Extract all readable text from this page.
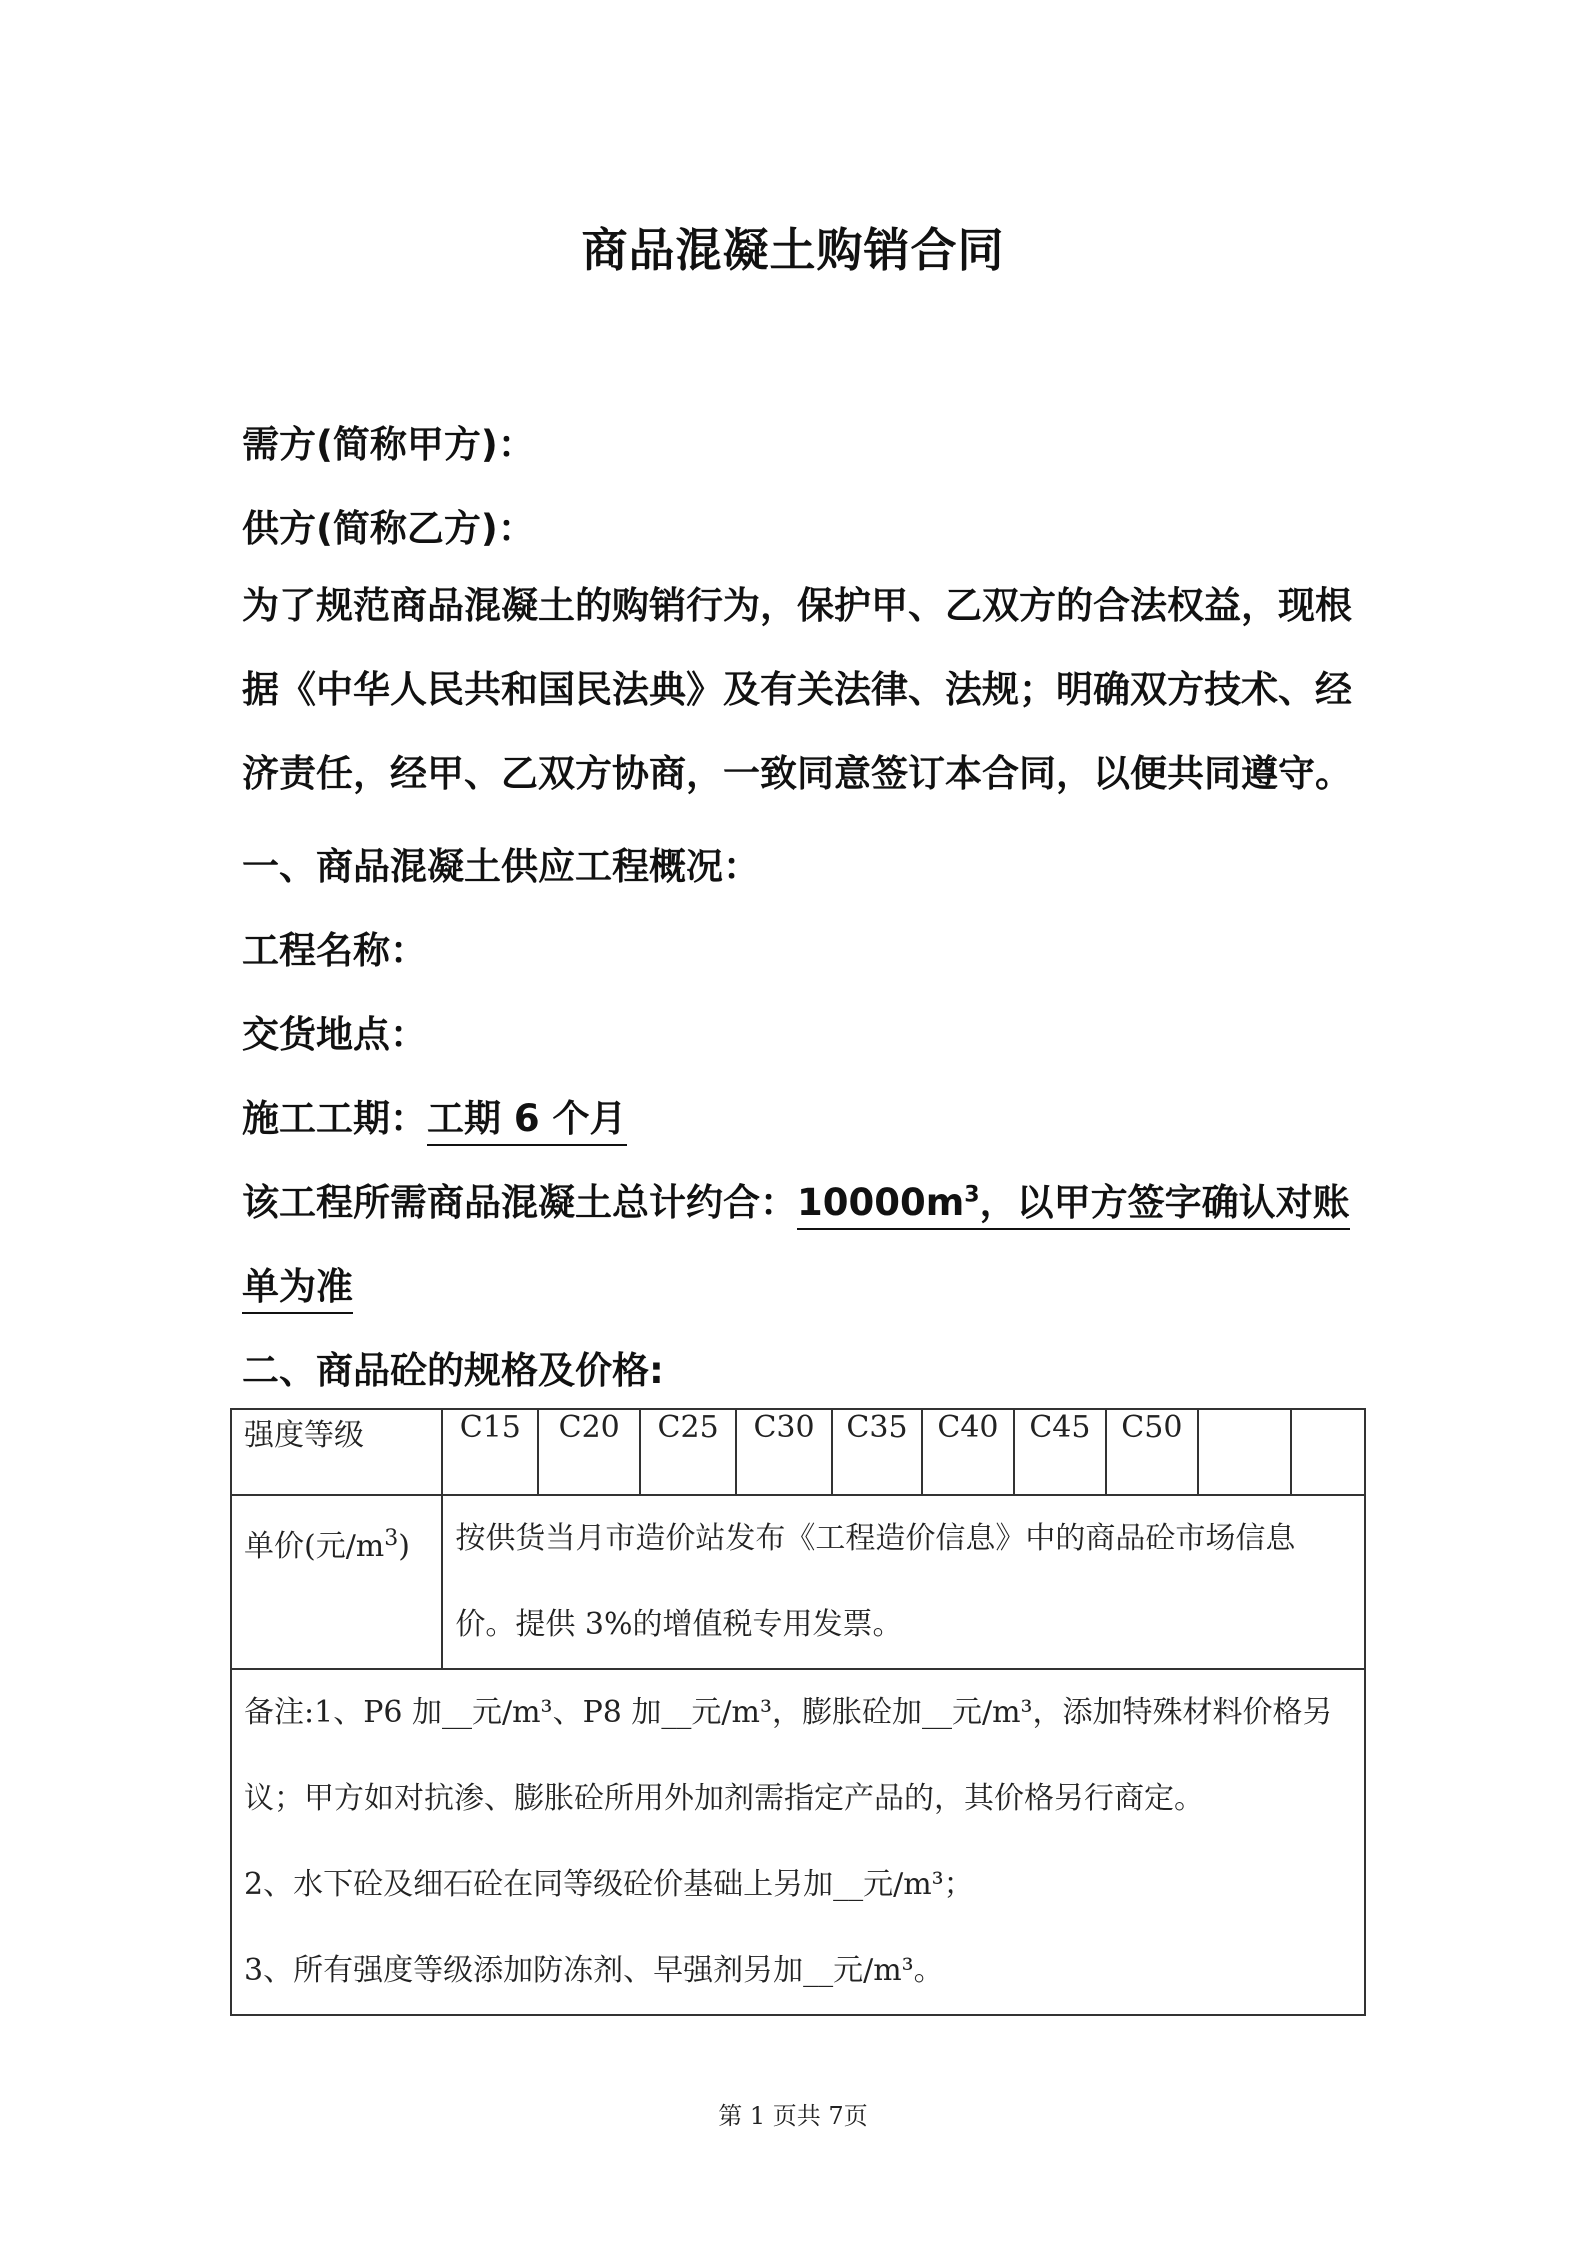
商品混凝土购销合同
需方(简称甲方)：
供方(简称乙方)：
为了规范商品混凝土的购销行为，保护甲、乙双方的合法权益，现根据《中华人民共和国民法典》及有关法律、法规；明确双方技术、经济责任，经甲、乙双方协商，一致同意签订本合同，以便共同遵守。
一、商品混凝土供应工程概况：
工程名称：
交货地点：
施工工期：工期 6 个月
该工程所需商品混凝土总计约合：$10000m^3$，以甲方签字确认对账
单为准
二、商品砼的规格及价格:
强度等级	C15	C20	C25	C30	C35	C40	C45	C50		
单价(元$/m^3$)	按供货当月市造价站发布《工程造价信息》中的商品砼市场信息价。提供 3%的增值税专用发票。									

备注:1、P6 加__元/m³、P8 加__元/m³，膨胀砼加__元/m³，添加特殊材料价格另议；甲方如对抗渗、膨胀砼所用外加剂需指定产品的，其价格另行商定。
2、水下砼及细石砼在同等级砼价基础上另加__元/m³；
3、所有强度等级添加防冻剂、早强剂另加__元/m³。										
第 1 页共 7页
